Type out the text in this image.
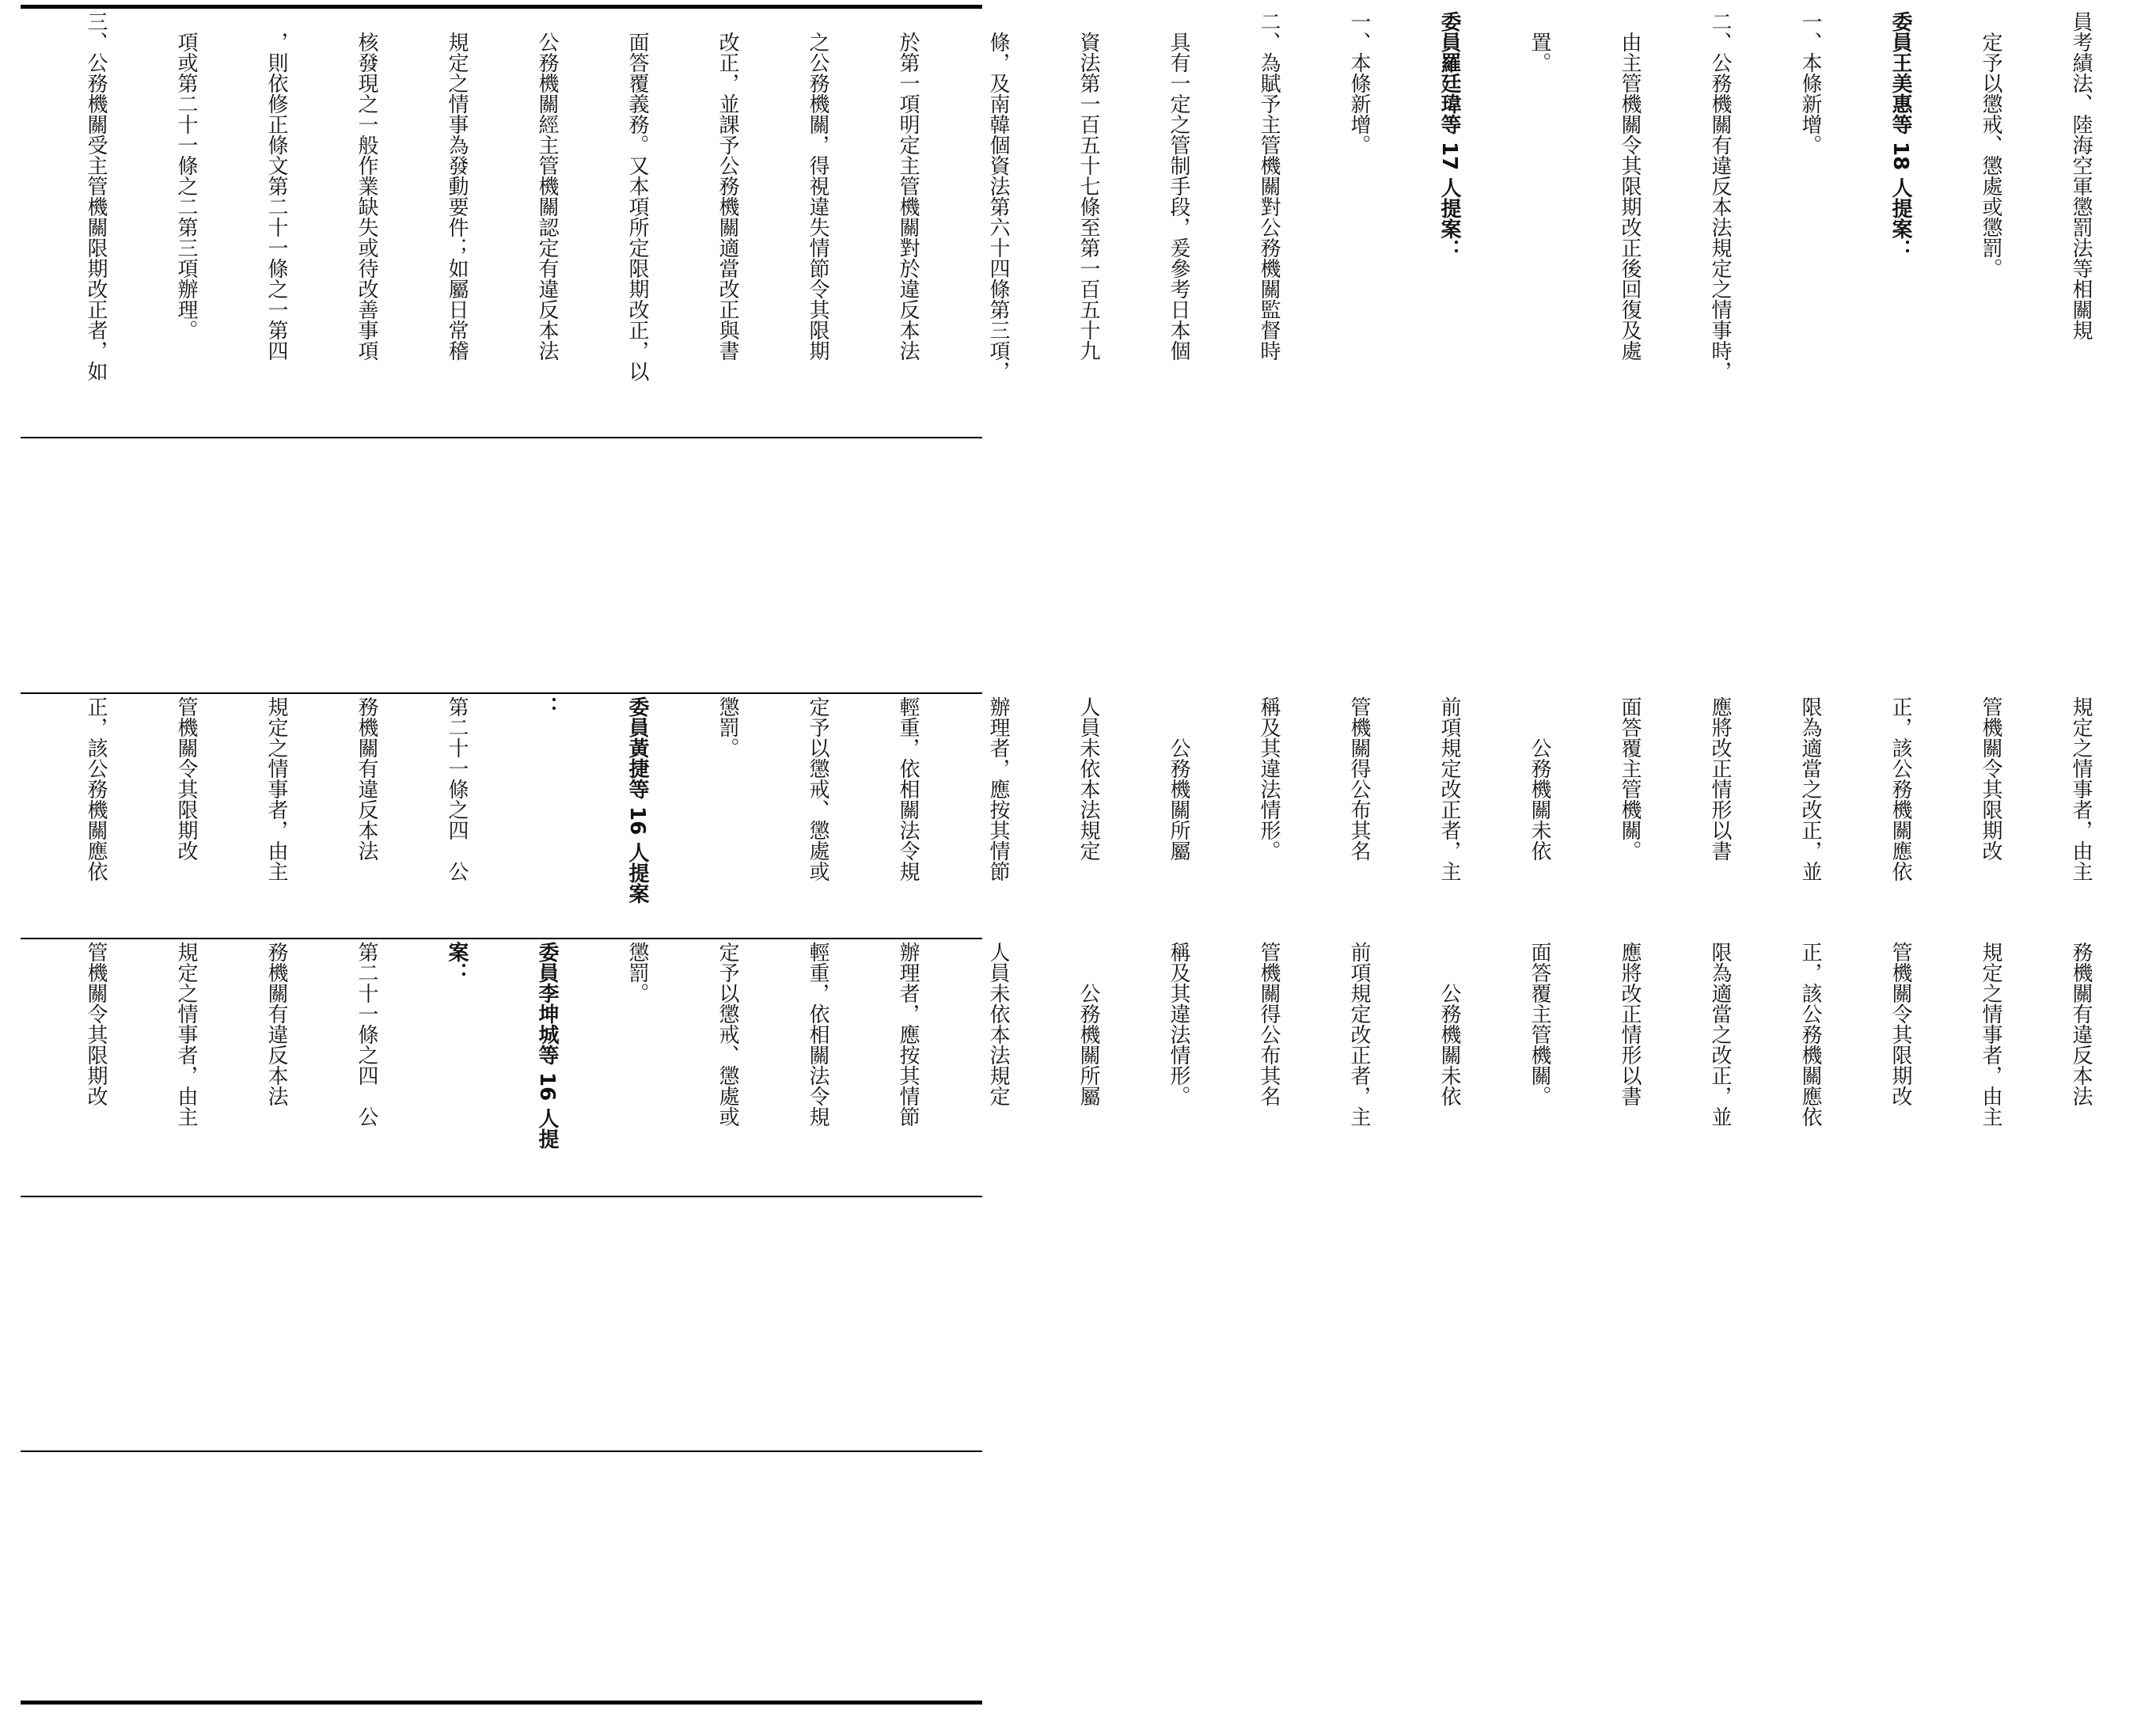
員考績法、陸海空軍懲罰法等相關規

　定予以懲戒、懲處或懲罰。

委員王美惠等 18 人提案：

一、本條新增。

二、公務機關有違反本法規定之情事時，

　由主管機關令其限期改正後回復及處

　置。

委員羅廷瑋等 17 人提案：

一、本條新增。

二、為賦予主管機關對公務機關監督時

　具有一定之管制手段，爰參考日本個

　資法第一百五十七條至第一百五十九

　條，及南韓個資法第六十四條第三項，

　於第一項明定主管機關對於違反本法

　之公務機關，得視違失情節令其限期

　改正，並課予公務機關適當改正與書

　面答覆義務。又本項所定限期改正，以

　公務機關經主管機關認定有違反本法

　規定之情事為發動要件；如屬日常稽

　核發現之一般作業缺失或待改善事項

　，則依修正條文第二十一條之一第四

　項或第二十一條之二第三項辦理。

三、公務機關受主管機關限期改正者，如

規定之情事者，由主

管機關令其限期改

正，該公務機關應依

限為適當之改正，並

應將改正情形以書

面答覆主管機關。

　　公務機關未依

前項規定改正者，主

管機關得公布其名

稱及其違法情形。

　　公務機關所屬

人員未依本法規定

辦理者，應按其情節

輕重，依相關法令規

定予以懲戒、懲處或

懲罰。

委員黃捷等 16 人提案

：

第二十一條之四　公

務機關有違反本法

規定之情事者，由主

管機關令其限期改

正，該公務機關應依

務機關有違反本法

規定之情事者，由主

管機關令其限期改

正，該公務機關應依

限為適當之改正，並

應將改正情形以書

面答覆主管機關。

　　公務機關未依

前項規定改正者，主

管機關得公布其名

稱及其違法情形。

　　公務機關所屬

人員未依本法規定

辦理者，應按其情節

輕重，依相關法令規

定予以懲戒、懲處或

懲罰。

委員李坤城等 16 人提

案：

第二十一條之四　公

務機關有違反本法

規定之情事者，由主

管機關令其限期改
